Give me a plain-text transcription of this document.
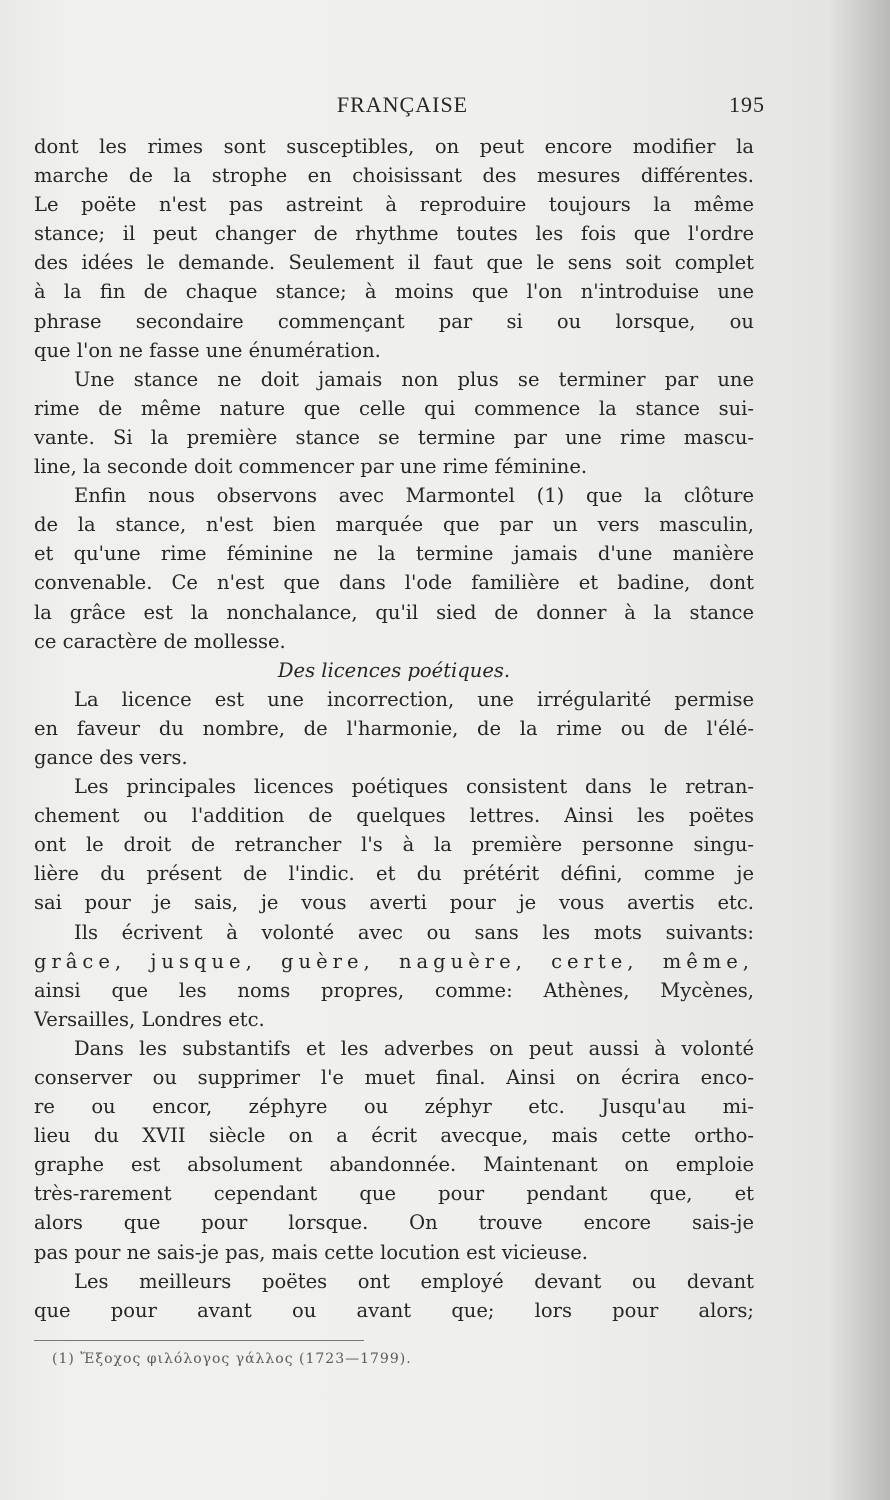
FRANÇAISE	195
dont les rimes sont susceptibles, on peut encore modifier la
marche de la strophe en choisissant des mesures différentes.
Le poëte n'est pas astreint à reproduire toujours la même
stance; il peut changer de rhythme toutes les fois que l'ordre
des idées le demande. Seulement il faut que le sens soit complet
à la fin de chaque stance; à moins que l'on n'introduise une
phrase secondaire commençant par si ou lorsque, ou
que l'on ne fasse une énumération.
Une stance ne doit jamais non plus se terminer par une
rime de même nature que celle qui commence la stance sui-
vante. Si la première stance se termine par une rime mascu-
line, la seconde doit commencer par une rime féminine.
Enfin nous observons avec Marmontel (1) que la clôture
de la stance, n'est bien marquée que par un vers masculin,
et qu'une rime féminine ne la termine jamais d'une manière
convenable. Ce n'est que dans l'ode familière et badine, dont
la grâce est la nonchalance, qu'il sied de donner à la stance
ce caractère de mollesse.
Des licences poétiques.
La licence est une incorrection, une irrégularité permise
en faveur du nombre, de l'harmonie, de la rime ou de l'élé-
gance des vers.
Les principales licences poétiques consistent dans le retran-
chement ou l'addition de quelques lettres. Ainsi les poëtes
ont le droit de retrancher l's à la première personne singu-
lière du présent de l'indic. et du prétérit défini, comme je
sai pour je sais, je vous averti pour je vous avertis etc.
Ils écrivent à volonté avec ou sans les mots suivants:
grâce, jusque, guère, naguère, certe, même,
ainsi que les noms propres, comme: Athènes, Mycènes,
Versailles, Londres etc.
Dans les substantifs et les adverbes on peut aussi à volonté
conserver ou supprimer l'e muet final. Ainsi on écrira enco-
re ou encor, zéphyre ou zéphyr etc. Jusqu'au mi-
lieu du XVII siècle on a écrit avecque, mais cette ortho-
graphe est absolument abandonnée. Maintenant on emploie
très-rarement cependant que pour pendant que, et
alors que pour lorsque. On trouve encore sais-je
pas pour ne sais-je pas, mais cette locution est vicieuse.
Les meilleurs poëtes ont employé devant ou devant
que pour avant ou avant que; lors pour alors;
(1) Ἔξοχος φιλόλογος γάλλος (1723—1799).
